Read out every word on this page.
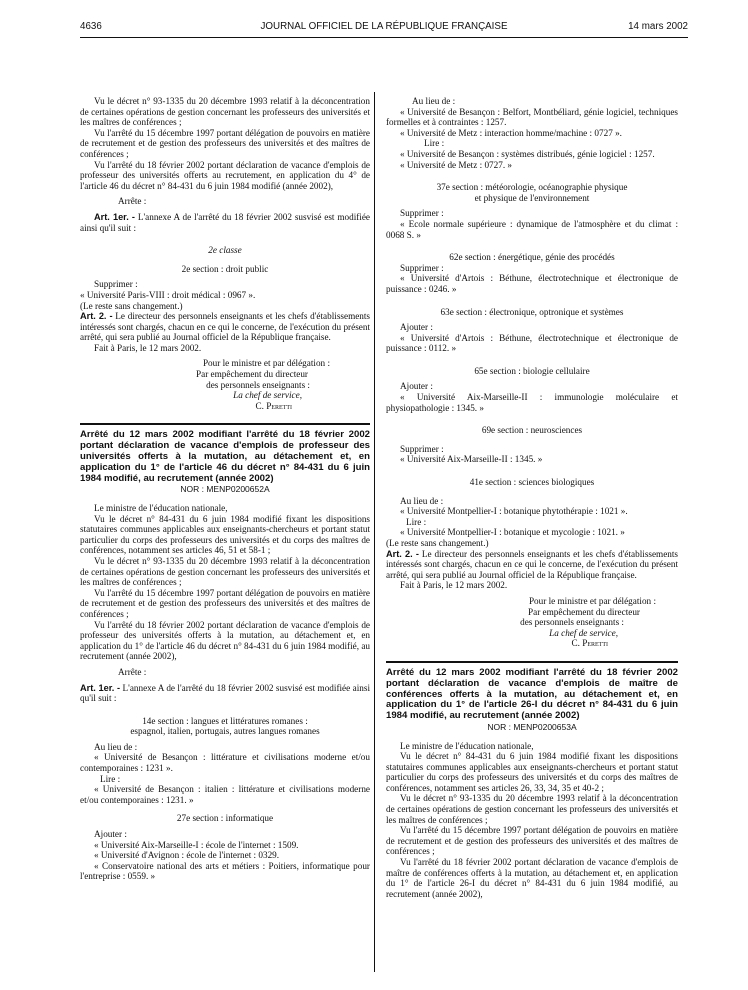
4636	JOURNAL OFFICIEL DE LA RÉPUBLIQUE FRANÇAISE	14 mars 2002

Vu le décret n° 93-1335 du 20 décembre 1993 relatif à la déconcentration de certaines opérations de gestion concernant les professeurs des universités et les maîtres de conférences ;

Vu l'arrêté du 15 décembre 1997 portant délégation de pouvoirs en matière de recrutement et de gestion des professeurs des universités et des maîtres de conférences ;

Vu l'arrêté du 18 février 2002 portant déclaration de vacance d'emplois de professeur des universités offerts au recrutement, en application du 4° de l'article 46 du décret n° 84-431 du 6 juin 1984 modifié (année 2002),

Arrête :

Art. 1er. - L'annexe A de l'arrêté du 18 février 2002 susvisé est modifiée ainsi qu'il suit :

2e classe

2e section : droit public

Supprimer :

« Université Paris-VIII : droit médical : 0967 ».

(Le reste sans changement.)

Art. 2. - Le directeur des personnels enseignants et les chefs d'établissements intéressés sont chargés, chacun en ce qui le concerne, de l'exécution du présent arrêté, qui sera publié au Journal officiel de la République française.

Fait à Paris, le 12 mars 2002.

Pour le ministre et par délégation :

Par empêchement du directeur

des personnels enseignants :

La chef de service,

C. Peretti

Arrêté du 12 mars 2002 modifiant l'arrêté du 18 février 2002 portant déclaration de vacance d'emplois de professeur des universités offerts à la mutation, au détachement et, en application du 1° de l'article 46 du décret n° 84-431 du 6 juin 1984 modifié, au recrutement (année 2002)

NOR : MENP0200652A

Le ministre de l'éducation nationale,

Vu le décret n° 84-431 du 6 juin 1984 modifié fixant les dispositions statutaires communes applicables aux enseignants-chercheurs et portant statut particulier du corps des professeurs des universités et du corps des maîtres de conférences, notamment ses articles 46, 51 et 58-1 ;

Vu le décret n° 93-1335 du 20 décembre 1993 relatif à la déconcentration de certaines opérations de gestion concernant les professeurs des universités et les maîtres de conférences ;

Vu l'arrêté du 15 décembre 1997 portant délégation de pouvoirs en matière de recrutement et de gestion des professeurs des universités et des maîtres de conférences ;

Vu l'arrêté du 18 février 2002 portant déclaration de vacance d'emplois de professeur des universités offerts à la mutation, au détachement et, en application du 1° de l'article 46 du décret n° 84-431 du 6 juin 1984 modifié, au recrutement (année 2002),

Arrête :

Art. 1er. - L'annexe A de l'arrêté du 18 février 2002 susvisé est modifiée ainsi qu'il suit :

14e section : langues et littératures romanes :

espagnol, italien, portugais, autres langues romanes

Au lieu de :

« Université de Besançon : littérature et civilisations moderne et/ou contemporaines : 1231 ».

Lire :

« Université de Besançon : italien : littérature et civilisations moderne et/ou contemporaines : 1231. »

27e section : informatique

Ajouter :

« Université Aix-Marseille-I : école de l'internet : 1509.

« Université d'Avignon : école de l'internet : 0329.

« Conservatoire national des arts et métiers : Poitiers, informatique pour l'entreprise : 0559. »

Au lieu de :

« Université de Besançon : Belfort, Montbéliard, génie logiciel, techniques formelles et à contraintes : 1257.

« Université de Metz : interaction homme/machine : 0727 ».

Lire :

« Université de Besançon : systèmes distribués, génie logiciel : 1257.

« Université de Metz : 0727. »

37e section : météorologie, océanographie physique

et physique de l'environnement

Supprimer :

« Ecole normale supérieure : dynamique de l'atmosphère et du climat : 0068 S. »

62e section : énergétique, génie des procédés

Supprimer :

« Université d'Artois : Béthune, électrotechnique et électronique de puissance : 0246. »

63e section : électronique, optronique et systèmes

Ajouter :

« Université d'Artois : Béthune, électrotechnique et électronique de puissance : 0112. »

65e section : biologie cellulaire

Ajouter :

« Université Aix-Marseille-II : immunologie moléculaire et physiopathologie : 1345. »

69e section : neurosciences

Supprimer :

« Université Aix-Marseille-II : 1345. »

41e section : sciences biologiques

Au lieu de :

« Université Montpellier-I : botanique phytothérapie : 1021 ».

Lire :

« Université Montpellier-I : botanique et mycologie : 1021. »

(Le reste sans changement.)

Art. 2. - Le directeur des personnels enseignants et les chefs d'établissements intéressés sont chargés, chacun en ce qui le concerne, de l'exécution du présent arrêté, qui sera publié au Journal officiel de la République française.

Fait à Paris, le 12 mars 2002.

Pour le ministre et par délégation :

Par empêchement du directeur

des personnels enseignants :

La chef de service,

C. Peretti

Arrêté du 12 mars 2002 modifiant l'arrêté du 18 février 2002 portant déclaration de vacance d'emplois de maître de conférences offerts à la mutation, au détachement et, en application du 1° de l'article 26-I du décret n° 84-431 du 6 juin 1984 modifié, au recrutement (année 2002)

NOR : MENP0200653A

Le ministre de l'éducation nationale,

Vu le décret n° 84-431 du 6 juin 1984 modifié fixant les dispositions statutaires communes applicables aux enseignants-chercheurs et portant statut particulier du corps des professeurs des universités et du corps des maîtres de conférences, notamment ses articles 26, 33, 34, 35 et 40-2 ;

Vu le décret n° 93-1335 du 20 décembre 1993 relatif à la déconcentration de certaines opérations de gestion concernant les professeurs des universités et les maîtres de conférences ;

Vu l'arrêté du 15 décembre 1997 portant délégation de pouvoirs en matière de recrutement et de gestion des professeurs des universités et des maîtres de conférences ;

Vu l'arrêté du 18 février 2002 portant déclaration de vacance d'emplois de maître de conférences offerts à la mutation, au détachement et, en application du 1° de l'article 26-I du décret n° 84-431 du 6 juin 1984 modifié, au recrutement (année 2002),
